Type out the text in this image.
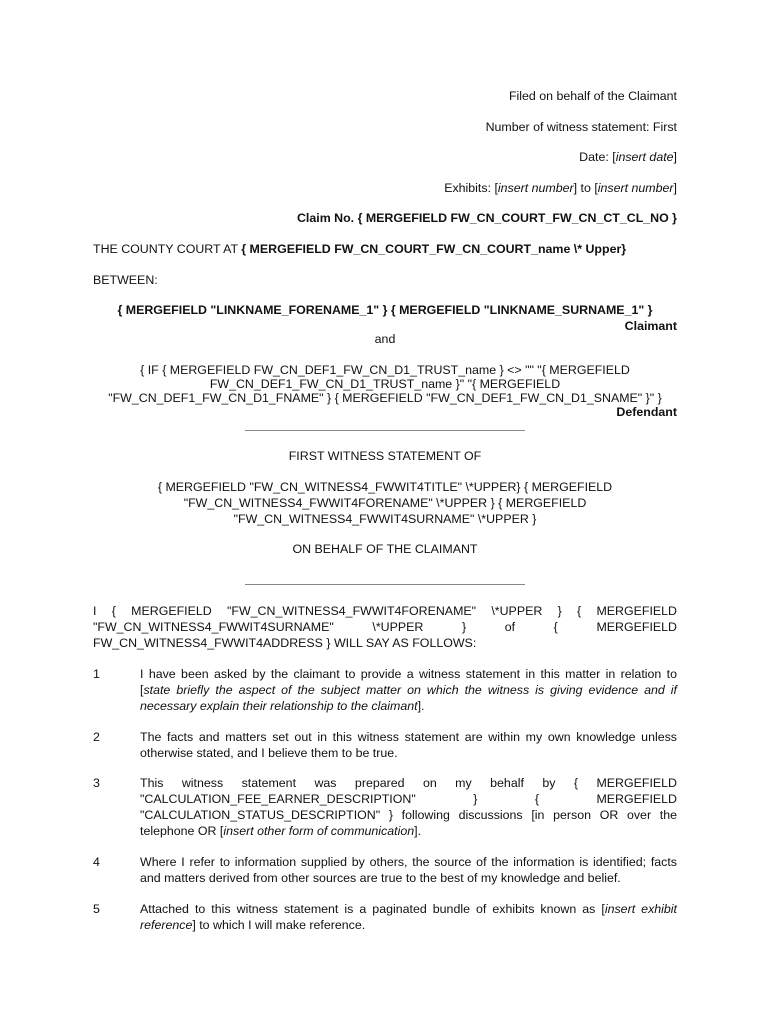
Filed on behalf of the Claimant
Number of witness statement: First
Date: [insert date]
Exhibits: [insert number] to [insert number]
Claim No. { MERGEFIELD FW_CN_COURT_FW_CN_CT_CL_NO }
THE COUNTY COURT AT { MERGEFIELD FW_CN_COURT_FW_CN_COURT_name \* Upper}
BETWEEN:
{ MERGEFIELD "LINKNAME_FORENAME_1" } { MERGEFIELD "LINKNAME_SURNAME_1" }
Claimant
and
{ IF { MERGEFIELD FW_CN_DEF1_FW_CN_D1_TRUST_name } <> "" "{ MERGEFIELD
FW_CN_DEF1_FW_CN_D1_TRUST_name }" "{ MERGEFIELD
"FW_CN_DEF1_FW_CN_D1_FNAME" } { MERGEFIELD "FW_CN_DEF1_FW_CN_D1_SNAME" }" }
Defendant
FIRST WITNESS STATEMENT OF
{ MERGEFIELD "FW_CN_WITNESS4_FWWIT4TITLE" \*UPPER} { MERGEFIELD
"FW_CN_WITNESS4_FWWIT4FORENAME" \*UPPER } { MERGEFIELD
"FW_CN_WITNESS4_FWWIT4SURNAME" \*UPPER }
ON BEHALF OF THE CLAIMANT
I { MERGEFIELD "FW_CN_WITNESS4_FWWIT4FORENAME" \*UPPER } { MERGEFIELD
"FW_CN_WITNESS4_FWWIT4SURNAME" \*UPPER } of { MERGEFIELD
FW_CN_WITNESS4_FWWIT4ADDRESS } WILL SAY AS FOLLOWS:
1	I have been asked by the claimant to provide a witness statement in this matter in relation to
[state briefly the aspect of the subject matter on which the witness is giving evidence and if necessary explain their relationship to the claimant].
2	The facts and matters set out in this witness statement are within my own knowledge unless otherwise stated, and I believe them to be true.
3	This witness statement was prepared on my behalf by { MERGEFIELD
"CALCULATION_FEE_EARNER_DESCRIPTION" } { MERGEFIELD
"CALCULATION_STATUS_DESCRIPTION" } following discussions [in person OR over the
telephone OR [insert other form of communication].
4	Where I refer to information supplied by others, the source of the information is identified; facts and matters derived from other sources are true to the best of my knowledge and belief.
5	Attached to this witness statement is a paginated bundle of exhibits known as [insert exhibit reference] to which I will make reference.
